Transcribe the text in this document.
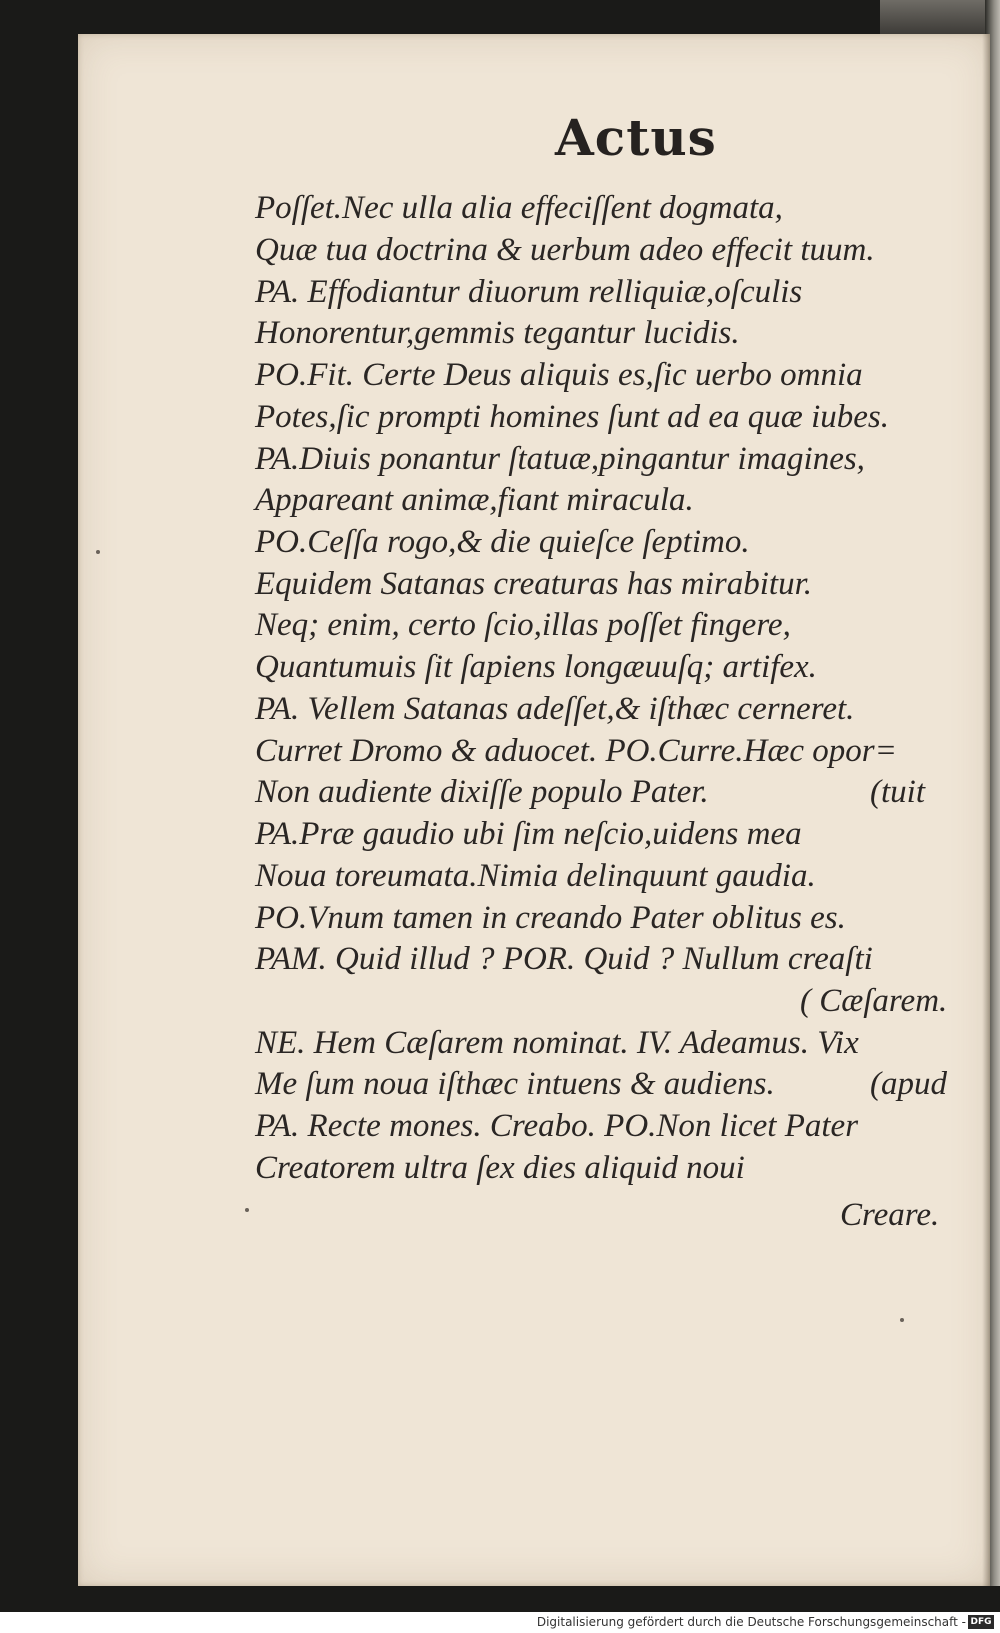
Actus
Poſſet.Nec ulla alia effeciſſent dogmata,
Quæ tua doctrina & uerbum adeo effecit tuum.
PA. Effodiantur diuorum relliquiæ,oſculis
Honorentur,gemmis tegantur lucidis.
PO.Fit. Certe Deus aliquis es,ſic uerbo omnia
Potes,ſic prompti homines ſunt ad ea quæ iubes.
PA.Diuis ponantur ſtatuæ,pingantur imagines,
Appareant animæ,fiant miracula.
PO.Ceſſa rogo,& die quieſce ſeptimo.
Equidem Satanas creaturas has mirabitur.
Neq; enim, certo ſcio,illas poſſet fingere,
Quantumuis ſit ſapiens longæuuſq; artifex.
PA. Vellem Satanas adeſſet,& iſthæc cerneret.
Curret Dromo & aduocet. PO.Curre.Hæc opor=
Non audiente dixiſſe populo Pater.	(tuit
PA.Præ gaudio ubi ſim neſcio,uidens mea
Noua toreumata.Nimia delinquunt gaudia.
PO.Vnum tamen in creando Pater oblitus es.
PAM. Quid illud ? POR. Quid ? Nullum creaſti
( Cæſarem.
NE. Hem Cæſarem nominat. IV. Adeamus. Vix
Me ſum noua iſthæc intuens & audiens.	(apud
PA. Recte mones. Creabo. PO.Non licet Pater
Creatorem ultra ſex dies aliquid noui
Creare.
Digitalisierung gefördert durch die Deutsche Forschungsgemeinschaft - DFG
